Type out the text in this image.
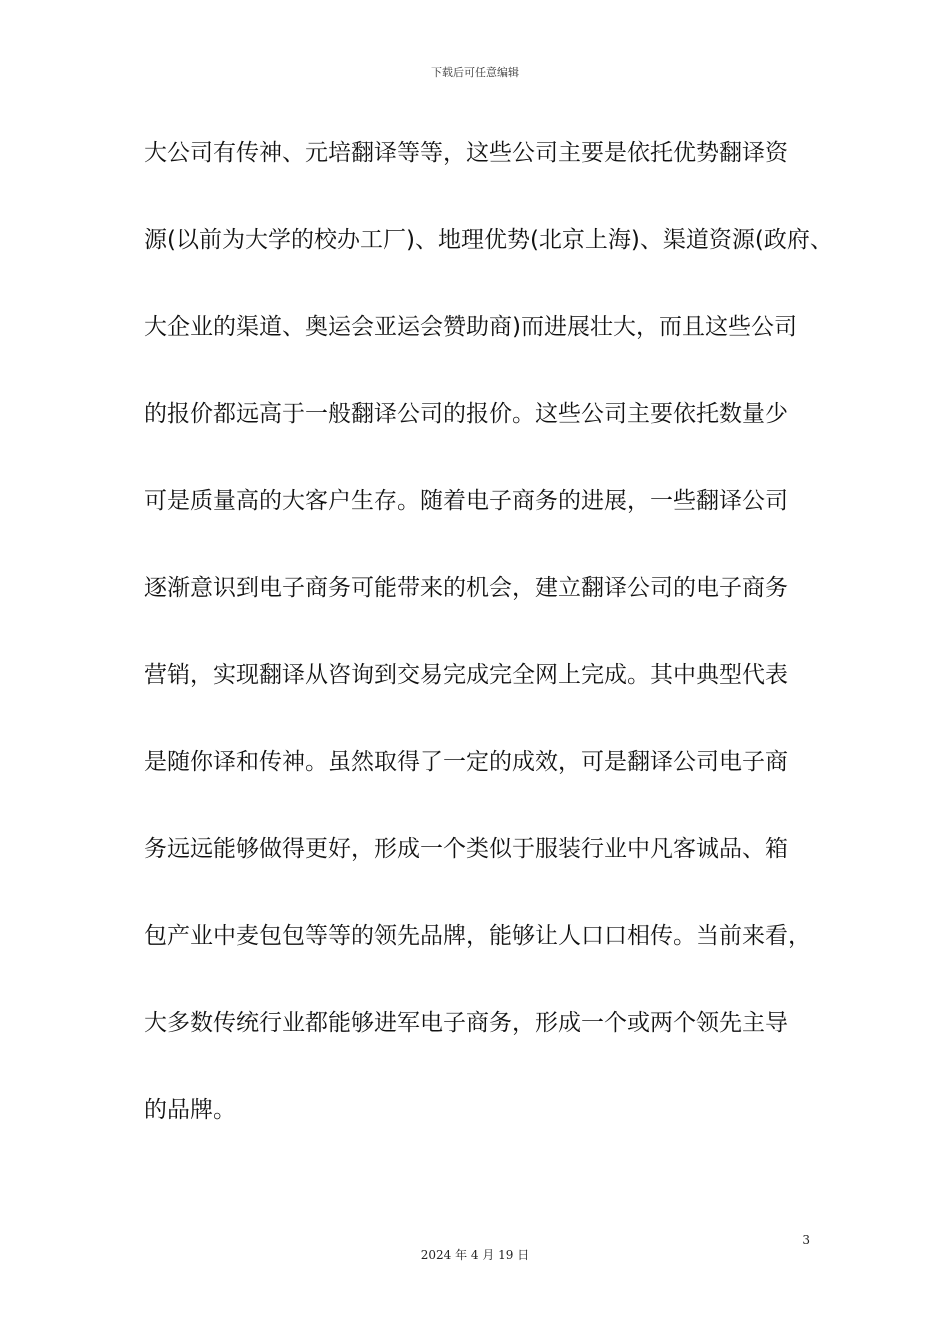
下载后可任意编辑
大公司有传神、元培翻译等等，这些公司主要是依托优势翻译资
源(以前为大学的校办工厂)、地理优势(北京上海)、渠道资源(政府、
大企业的渠道、奥运会亚运会赞助商)而进展壮大，而且这些公司
的报价都远高于一般翻译公司的报价。这些公司主要依托数量少
可是质量高的大客户生存。随着电子商务的进展，一些翻译公司
逐渐意识到电子商务可能带来的机会，建立翻译公司的电子商务
营销，实现翻译从咨询到交易完成完全网上完成。其中典型代表
是随你译和传神。虽然取得了一定的成效，可是翻译公司电子商
务远远能够做得更好，形成一个类似于服装行业中凡客诚品、箱
包产业中麦包包等等的领先品牌，能够让人口口相传。当前来看，
大多数传统行业都能够进军电子商务，形成一个或两个领先主导
的品牌。
3
2024 年 4 月 19 日
